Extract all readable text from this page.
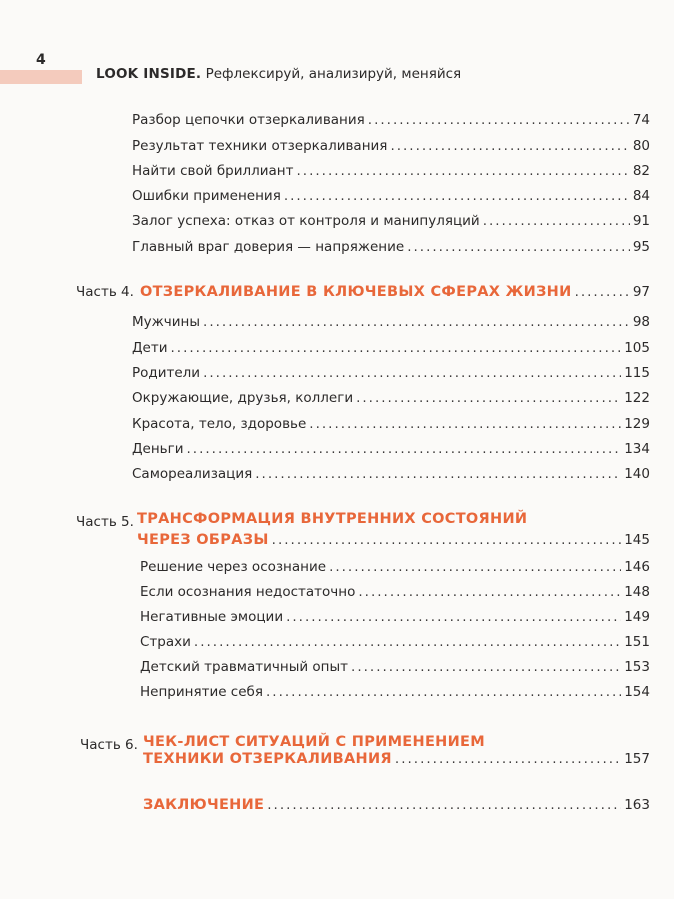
4
LOOK INSIDE. Рефлексируй, анализируй, меняйся
Разбор цепочки отзеркаливания .....	74
Результат техники отзеркаливания .....	80
Найти свой бриллиант .....	82
Ошибки применения .....	84
Залог успеха: отказ от контроля и манипуляций .....	91
Главный враг доверия — напряжение .....	95
Часть 4. ОТЗЕРКАЛИВАНИЕ В КЛЮЧЕВЫХ СФЕРАХ ЖИЗНИ .....	97
Мужчины .....	98
Дети .....	105
Родители .....	115
Окружающие, друзья, коллеги .....	122
Красота, тело, здоровье .....	129
Деньги .....	134
Самореализация .....	140
Часть 5. ТРАНСФОРМАЦИЯ ВНУТРЕННИХ СОСТОЯНИЙ
ЧЕРЕЗ ОБРАЗЫ .....	145
Решение через осознание .....	146
Если осознания недостаточно .....	148
Негативные эмоции .....	149
Страхи .....	151
Детский травматичный опыт .....	153
Непринятие себя .....	154
Часть 6. ЧЕК-ЛИСТ СИТУАЦИЙ С ПРИМЕНЕНИЕМ
ТЕХНИКИ ОТЗЕРКАЛИВАНИЯ .....	157
ЗАКЛЮЧЕНИЕ .....	163
